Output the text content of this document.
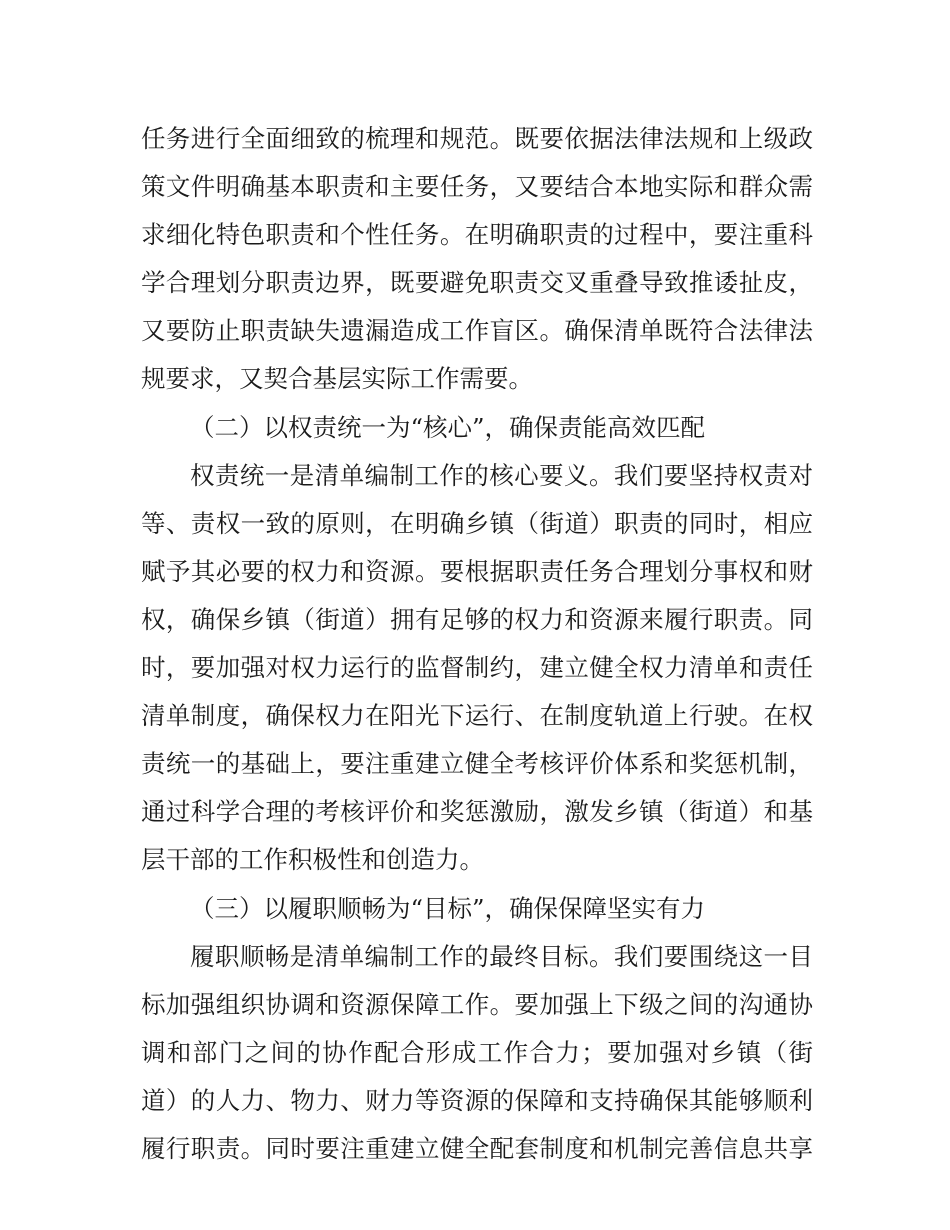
任务进行全面细致的梳理和规范。既要依据法律法规和上级政
策文件明确基本职责和主要任务，又要结合本地实际和群众需
求细化特色职责和个性任务。在明确职责的过程中，要注重科
学合理划分职责边界，既要避免职责交叉重叠导致推诿扯皮，
又要防止职责缺失遗漏造成工作盲区。确保清单既符合法律法
规要求，又契合基层实际工作需要。
（二）以权责统一为“核心”，确保责能高效匹配
权责统一是清单编制工作的核心要义。我们要坚持权责对
等、责权一致的原则，在明确乡镇（街道）职责的同时，相应
赋予其必要的权力和资源。要根据职责任务合理划分事权和财
权，确保乡镇（街道）拥有足够的权力和资源来履行职责。同
时，要加强对权力运行的监督制约，建立健全权力清单和责任
清单制度，确保权力在阳光下运行、在制度轨道上行驶。在权
责统一的基础上，要注重建立健全考核评价体系和奖惩机制，
通过科学合理的考核评价和奖惩激励，激发乡镇（街道）和基
层干部的工作积极性和创造力。
（三）以履职顺畅为“目标”，确保保障坚实有力
履职顺畅是清单编制工作的最终目标。我们要围绕这一目
标加强组织协调和资源保障工作。要加强上下级之间的沟通协
调和部门之间的协作配合形成工作合力；要加强对乡镇（街
道）的人力、物力、财力等资源的保障和支持确保其能够顺利
履行职责。同时要注重建立健全配套制度和机制完善信息共享
